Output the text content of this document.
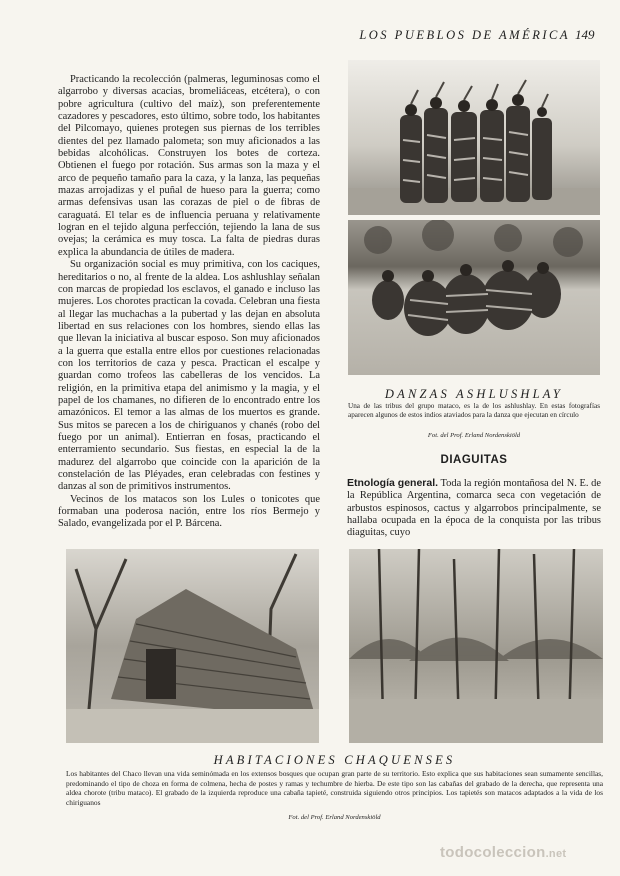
LOS PUEBLOS DE AMÉRICA 149

Practicando la recolección (palmeras, leguminosas como el algarrobo y diversas acacias, bromeliáceas, etcétera), o con pobre agricultura (cultivo del maíz), son preferentemente cazadores y pescadores, esto último, sobre todo, los habitantes del Pilcomayo, quienes protegen sus piernas de los terribles dientes del pez llamado palometa; son muy aficionados a las bebidas alcohólicas. Construyen los botes de corteza. Obtienen el fuego por rotación. Sus armas son la maza y el arco de pequeño tamaño para la caza, y la lanza, las pequeñas mazas arrojadizas y el puñal de hueso para la guerra; como armas defensivas usan las corazas de piel o de fibras de caraguatá. El telar es de influencia peruana y relativamente logran en el tejido alguna perfección, tejiendo la lana de sus ovejas; la cerámica es muy tosca. La falta de piedras duras explica la abundancia de útiles de madera.

Su organización social es muy primitiva, con los caciques, hereditarios o no, al frente de la aldea. Los ashlushlay señalan con marcas de propiedad los esclavos, el ganado e incluso las mujeres. Los chorotes practican la covada. Celebran una fiesta al llegar las muchachas a la pubertad y las dejan en absoluta libertad en sus relaciones con los hombres, siendo ellas las que llevan la iniciativa al buscar esposo. Son muy aficionados a la guerra que estalla entre ellos por cuestiones relacionadas con los territorios de caza y pesca. Practican el escalpe y guardan como trofeos las cabelleras de los vencidos. La religión, en la primitiva etapa del animismo y la magia, y el papel de los chamanes, no difieren de lo encontrado entre los amazónicos. El temor a las almas de los muertos es grande. Sus mitos se parecen a los de chiriguanos y chanés (robo del fuego por un animal). Entierran en fosas, practicando el enterramiento secundario. Sus fiestas, en especial la de la madurez del algarrobo que coincide con la aparición de la constelación de las Pléyades, eran celebradas con festines y danzas al son de primitivos instrumentos.

Vecinos de los matacos son los Lules o tonicotes que formaban una poderosa nación, entre los ríos Bermejo y Salado, evangelizada por el P. Bárcena.

DANZAS ASHLUSHLAY
Una de las tribus del grupo mataco, es la de los ashlushlay. En estas fotografías aparecen algunos de estos indios ataviados para la danza que ejecutan en círculo
Fot. del Prof. Erland Nordenskiöld
DIAGUITAS

Etnología general. Toda la región montañosa del N. E. de la República Argentina, comarca seca con vegetación de arbustos espinosos, cactus y algarrobos principalmente, se hallaba ocupada en la época de la conquista por las tribus diaguitas, cuyo

HABITACIONES CHAQUENSES
Los habitantes del Chaco llevan una vida seminómada en los extensos bosques que ocupan gran parte de su territorio. Esto explica que sus habitaciones sean sumamente sencillas, predominando el tipo de choza en forma de colmena, hecha de postes y ramas y techumbre de hierba. De este tipo son las cabañas del grabado de la derecha, que representa una aldea chorote (tribu mataco). El grabado de la izquierda reproduce una cabaña tapieté, construida siguiendo otros principios. Los tapietés son matacos adaptados a la vida de los chiriguanos
Fot. del Prof. Erland Nordenskiöld
todocoleccion.net
